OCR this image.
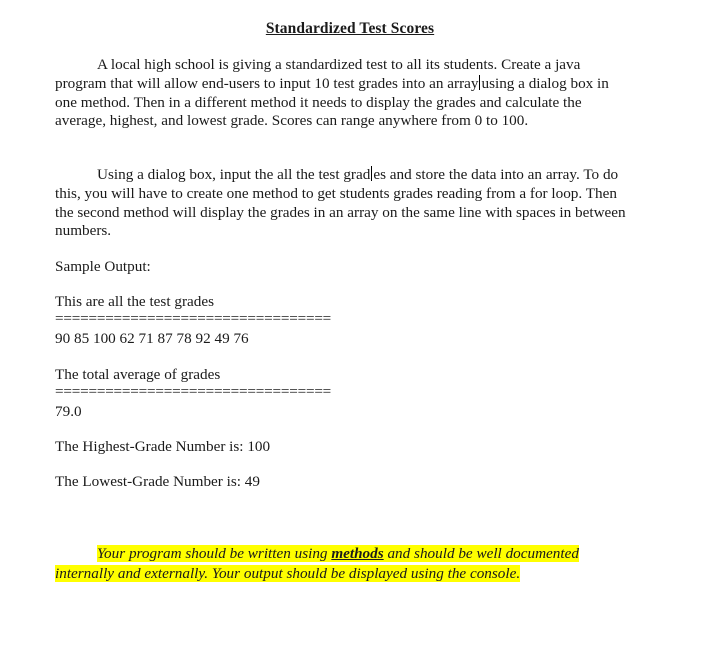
Standardized Test Scores

A local high school is giving a standardized test to all its students. Create a java program that will allow end-users to input 10 test grades into an array using a dialog box in one method. Then in a different method it needs to display the grades and calculate the average, highest, and lowest grade. Scores can range anywhere from 0 to 100.

Using a dialog box, input the all the test grad es and store the data into an array. To do this, you will have to create one method to get students grades reading from a for loop. Then the second method will display the grades in an array on the same line with spaces in between numbers.

Sample Output:
This are all the test grades
=================================
90 85 100 62 71 87 78 92 49 76
The total average of grades
=================================
79.0
The Highest-Grade Number is: 100
The Lowest-Grade Number is: 49

Your program should be written using methods and should be well documented internally and externally. Your output should be displayed using the console.
